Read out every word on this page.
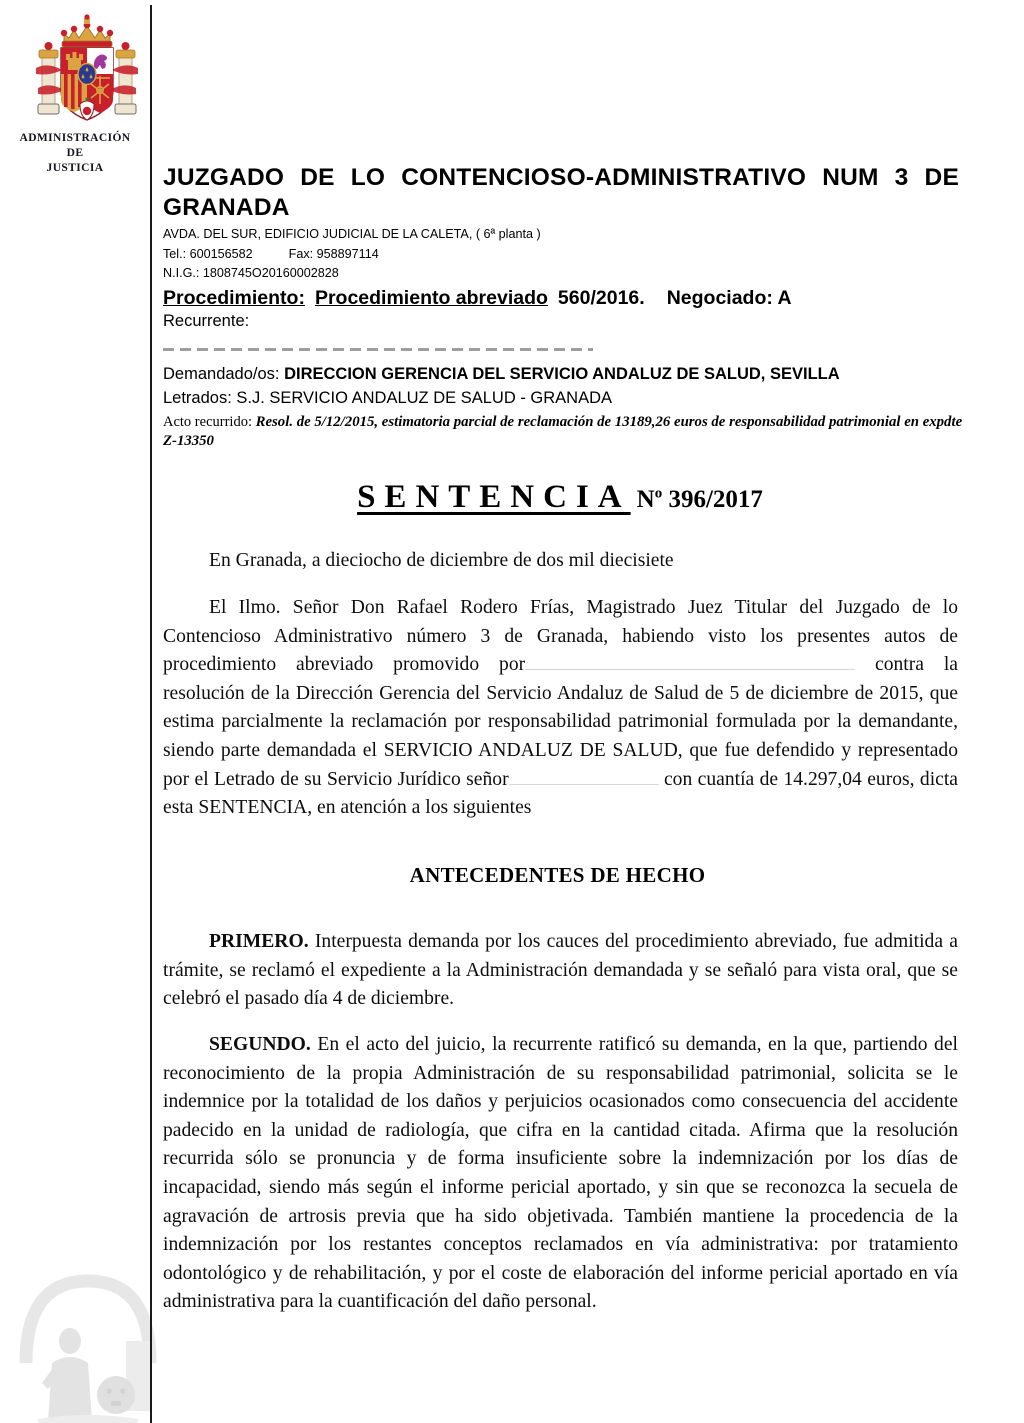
ADMINISTRACIÓN
DE
JUSTICIA	JUZGADO DE LO CONTENCIOSO-ADMINISTRATIVO NUM 3 DE
GRANADA
AVDA. DEL SUR, EDIFICIO JUDICIAL DE LA CALETA, ( 6ª planta )
Tel.: 600156582	Fax: 958897114
N.I.G.: 1808745O20160002828
Procedimiento: Procedimiento abreviado 560/2016. Negociado: A
Recurrente:
Demandado/os: DIRECCION GERENCIA DEL SERVICIO ANDALUZ DE SALUD, SEVILLA
Letrados: S.J. SERVICIO ANDALUZ DE SALUD - GRANADA
Acto recurrido: Resol. de 5/12/2015, estimatoria parcial de reclamación de 13189,26 euros de responsabilidad patrimonial en expdte Z-13350
SENTENCIA $N^o$ 396/2017
En Granada, a dieciocho de diciembre de dos mil diecisiete
El Ilmo. Señor Don Rafael Rodero Frías, Magistrado Juez Titular del Juzgado de lo Contencioso Administrativo número 3 de Granada, habiendo visto los presentes autos de procedimiento abreviado promovido por	contra la resolución de la Dirección Gerencia del Servicio Andaluz de Salud de 5 de diciembre de 2015, que estima parcialmente la reclamación por responsabilidad patrimonial formulada por la demandante, siendo parte demandada el SERVICIO ANDALUZ DE SALUD, que fue defendido y representado por el Letrado de su Servicio Jurídico señor	con cuantía de 14.297,04 euros, dicta esta SENTENCIA, en atención a los siguientes
ANTECEDENTES DE HECHO
PRIMERO. Interpuesta demanda por los cauces del procedimiento abreviado, fue admitida a trámite, se reclamó el expediente a la Administración demandada y se señaló para vista oral, que se celebró el pasado día 4 de diciembre.
SEGUNDO. En el acto del juicio, la recurrente ratificó su demanda, en la que, partiendo del reconocimiento de la propia Administración de su responsabilidad patrimonial, solicita se le indemnice por la totalidad de los daños y perjuicios ocasionados como consecuencia del accidente padecido en la unidad de radiología, que cifra en la cantidad citada. Afirma que la resolución recurrida sólo se pronuncia y de forma insuficiente sobre la indemnización por los días de incapacidad, siendo más según el informe pericial aportado, y sin que se reconozca la secuela de agravación de artrosis previa que ha sido objetivada. También mantiene la procedencia de la indemnización por los restantes conceptos reclamados en vía administrativa: por tratamiento odontológico y de rehabilitación, y por el coste de elaboración del informe pericial aportado en vía administrativa para la cuantificación del daño personal.
